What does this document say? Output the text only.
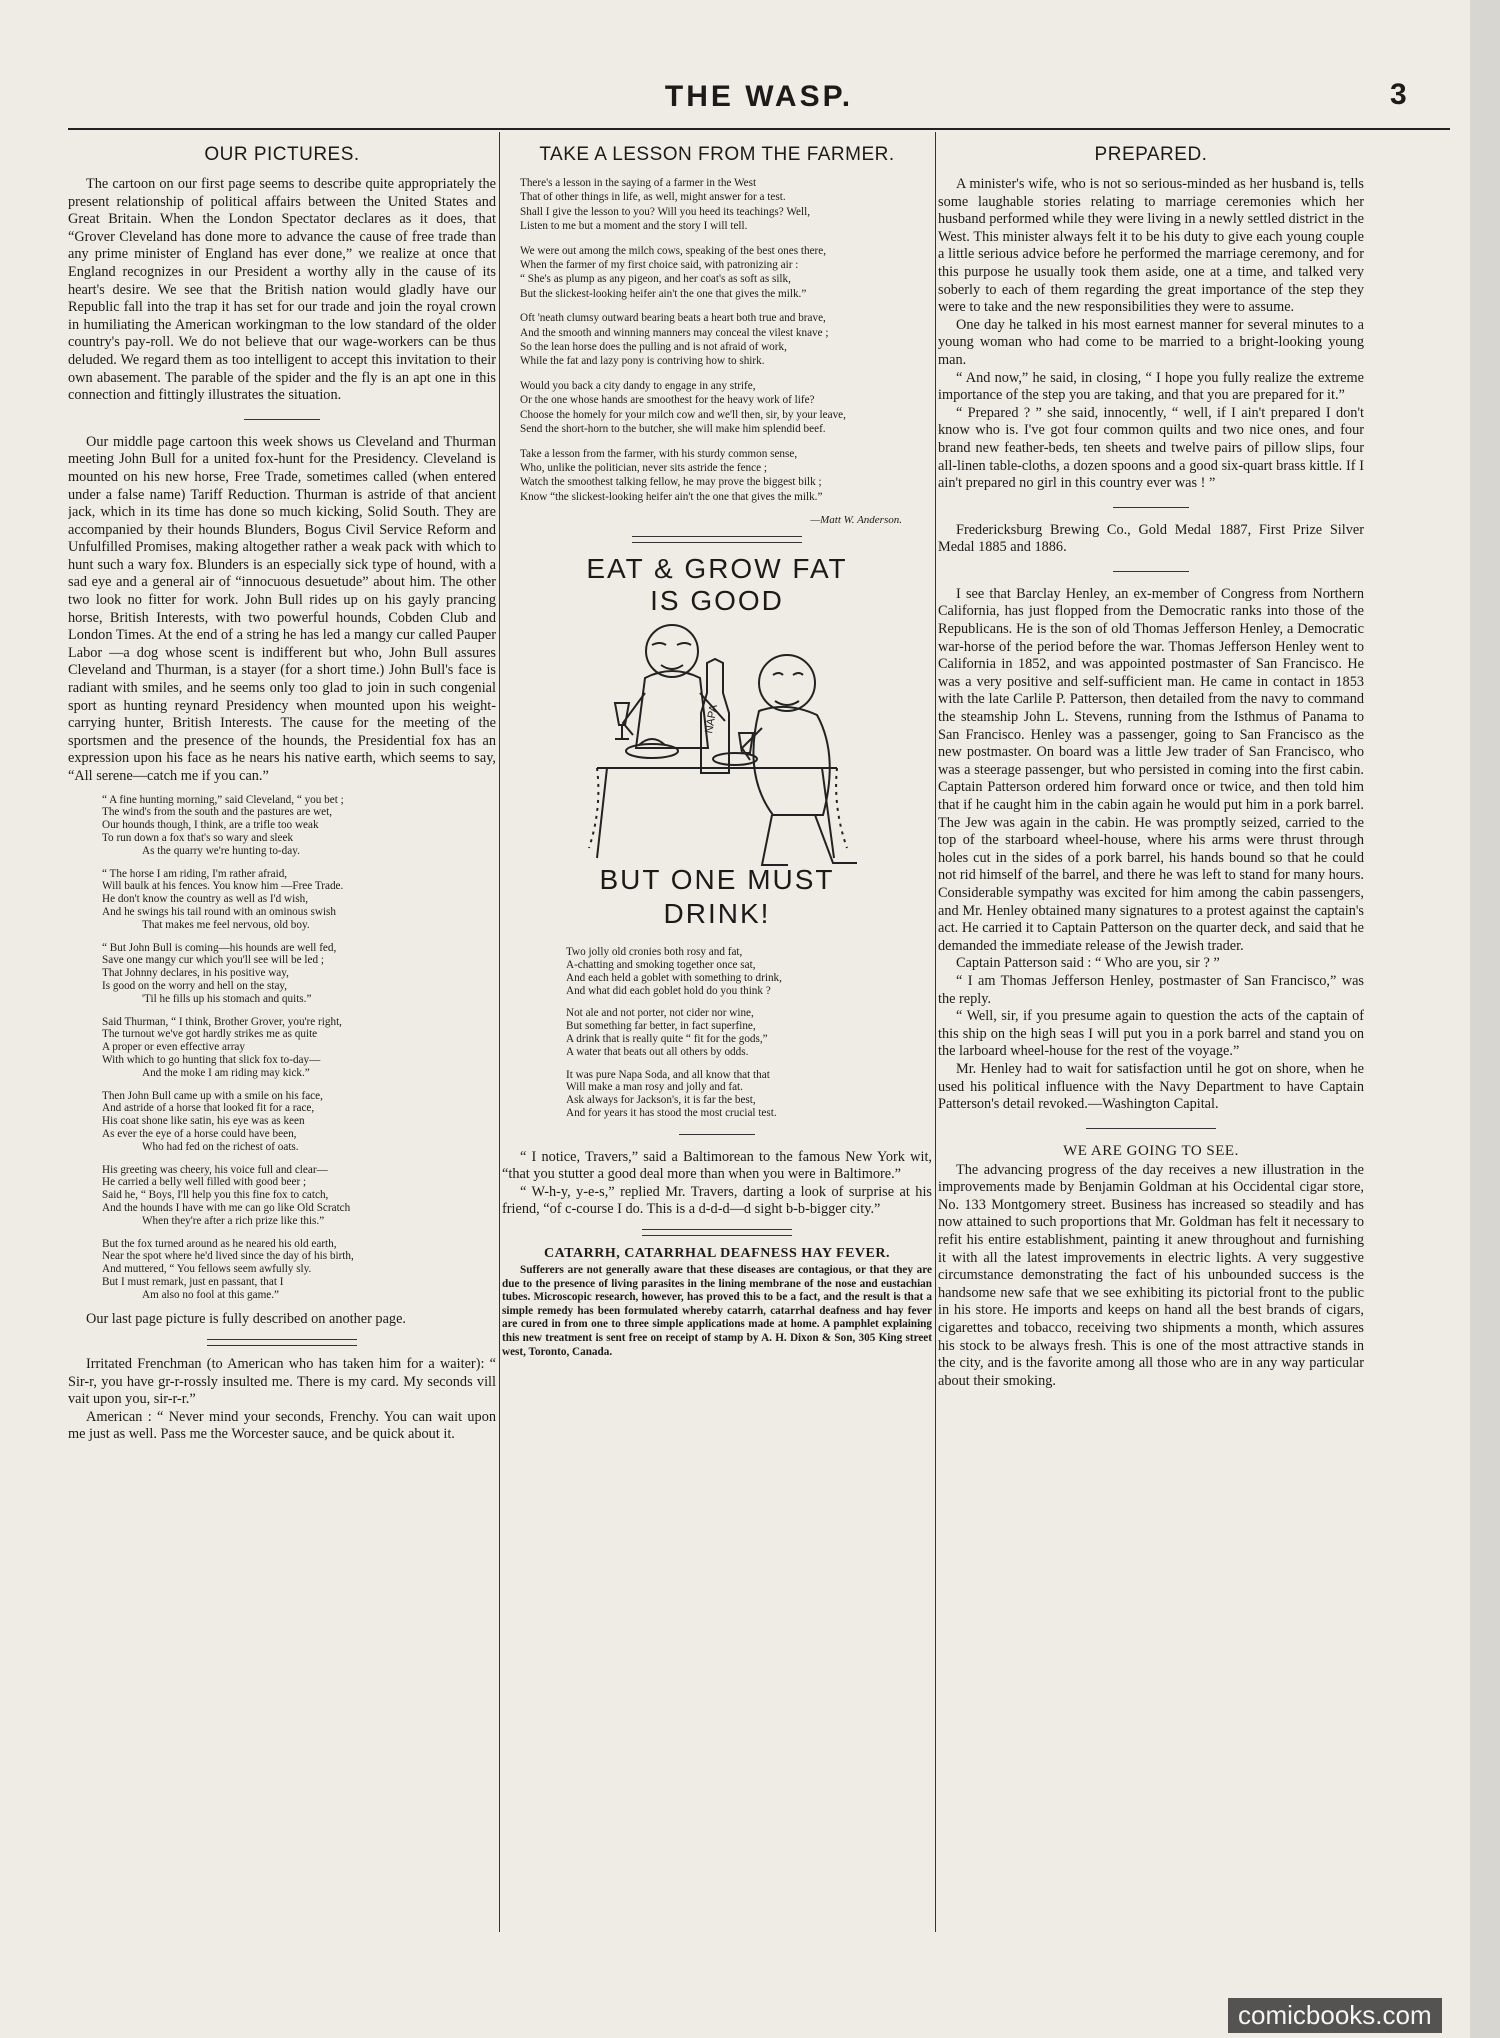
THE WASP.	3
OUR PICTURES.

The cartoon on our first page seems to describe quite appropriately the present relationship of political affairs between the United States and Great Britain. When the London Spectator declares as it does, that “Grover Cleveland has done more to advance the cause of free trade than any prime minister of England has ever done,” we realize at once that England recognizes in our President a worthy ally in the cause of its heart's desire. We see that the British nation would gladly have our Republic fall into the trap it has set for our trade and join the royal crown in humiliating the American workingman to the low standard of the older country's pay-roll. We do not believe that our wage-workers can be thus deluded. We regard them as too intelligent to accept this invitation to their own abasement. The parable of the spider and the fly is an apt one in this connection and fittingly illustrates the situation.

Our middle page cartoon this week shows us Cleveland and Thurman meeting John Bull for a united fox-hunt for the Presidency. Cleveland is mounted on his new horse, Free Trade, sometimes called (when entered under a false name) Tariff Reduction. Thurman is astride of that ancient jack, which in its time has done so much kicking, Solid South. They are accompanied by their hounds Blunders, Bogus Civil Service Reform and Unfulfilled Promises, making altogether rather a weak pack with which to hunt such a wary fox. Blunders is an especially sick type of hound, with a sad eye and a general air of “innocuous desuetude” about him. The other two look no fitter for work. John Bull rides up on his gayly prancing horse, British Interests, with two powerful hounds, Cobden Club and London Times. At the end of a string he has led a mangy cur called Pauper Labor —a dog whose scent is indifferent but who, John Bull assures Cleveland and Thurman, is a stayer (for a short time.) John Bull's face is radiant with smiles, and he seems only too glad to join in such congenial sport as hunting reynard Presidency when mounted upon his weight-carrying hunter, British Interests. The cause for the meeting of the sportsmen and the presence of the hounds, the Presidential fox has an expression upon his face as he nears his native earth, which seems to say, “All serene—catch me if you can.”

“ A fine hunting morning,” said Cleveland, “ you bet ;
The wind's from the south and the pastures are wet,
Our hounds though, I think, are a trifle too weak
To run down a fox that's so wary and sleek
As the quarry we're hunting to-day.
“ The horse I am riding, I'm rather afraid,
Will baulk at his fences. You know him —Free Trade.
He don't know the country as well as I'd wish,
And he swings his tail round with an ominous swish
That makes me feel nervous, old boy.
“ But John Bull is coming—his hounds are well fed,
Save one mangy cur which you'll see will be led ;
That Johnny declares, in his positive way,
Is good on the worry and hell on the stay,
'Til he fills up his stomach and quits.”
Said Thurman, “ I think, Brother Grover, you're right,
The turnout we've got hardly strikes me as quite
A proper or even effective array
With which to go hunting that slick fox to-day—
And the moke I am riding may kick.”
Then John Bull came up with a smile on his face,
And astride of a horse that looked fit for a race,
His coat shone like satin, his eye was as keen
As ever the eye of a horse could have been,
Who had fed on the richest of oats.
His greeting was cheery, his voice full and clear—
He carried a belly well filled with good beer ;
Said he, “ Boys, I'll help you this fine fox to catch,
And the hounds I have with me can go like Old Scratch
When they're after a rich prize like this.”
But the fox turned around as he neared his old earth,
Near the spot where he'd lived since the day of his birth,
And muttered, “ You fellows seem awfully sly.
But I must remark, just en passant, that I
Am also no fool at this game.”

Our last page picture is fully described on another page.

Irritated Frenchman (to American who has taken him for a waiter): “ Sir-r, you have gr-r-rossly insulted me. There is my card. My seconds vill vait upon you, sir-r-r.”

American : “ Never mind your seconds, Frenchy. You can wait upon me just as well. Pass me the Worcester sauce, and be quick about it.

TAKE A LESSON FROM THE FARMER.
There's a lesson in the saying of a farmer in the West
That of other things in life, as well, might answer for a test.
Shall I give the lesson to you? Will you heed its teachings? Well,
Listen to me but a moment and the story I will tell.
We were out among the milch cows, speaking of the best ones there,
When the farmer of my first choice said, with patronizing air :
“ She's as plump as any pigeon, and her coat's as soft as silk,
But the slickest-looking heifer ain't the one that gives the milk.”
Oft 'neath clumsy outward bearing beats a heart both true and brave,
And the smooth and winning manners may conceal the vilest knave ;
So the lean horse does the pulling and is not afraid of work,
While the fat and lazy pony is contriving how to shirk.
Would you back a city dandy to engage in any strife,
Or the one whose hands are smoothest for the heavy work of life?
Choose the homely for your milch cow and we'll then, sir, by your leave,
Send the short-horn to the butcher, she will make him splendid beef.
Take a lesson from the farmer, with his sturdy common sense,
Who, unlike the politician, never sits astride the fence ;
Watch the smoothest talking fellow, he may prove the biggest bilk ;
Know “the slickest-looking heifer ain't the one that gives the milk.”
—Matt W. Anderson.
NAPA
EAT & GROW FAT IS GOOD
BUT ONE MUST DRINK!
Two jolly old cronies both rosy and fat,
A-chatting and smoking together once sat,
And each held a goblet with something to drink,
And what did each goblet hold do you think ?
Not ale and not porter, not cider nor wine,
But something far better, in fact superfine,
A drink that is really quite “ fit for the gods,”
A water that beats out all others by odds.
It was pure Napa Soda, and all know that that
Will make a man rosy and jolly and fat.
Ask always for Jackson's, it is far the best,
And for years it has stood the most crucial test.

“ I notice, Travers,” said a Baltimorean to the famous New York wit, “that you stutter a good deal more than when you were in Baltimore.”

“ W-h-y, y-e-s,” replied Mr. Travers, darting a look of surprise at his friend, “of c-course I do. This is a d-d-d—d sight b-b-bigger city.”

CATARRH, CATARRHAL DEAFNESS HAY FEVER.

Sufferers are not generally aware that these diseases are contagious, or that they are due to the presence of living parasites in the lining membrane of the nose and eustachian tubes. Microscopic research, however, has proved this to be a fact, and the result is that a simple remedy has been formulated whereby catarrh, catarrhal deafness and hay fever are cured in from one to three simple applications made at home. A pamphlet explaining this new treatment is sent free on receipt of stamp by A. H. Dixon & Son, 305 King street west, Toronto, Canada.

PREPARED.

A minister's wife, who is not so serious-minded as her husband is, tells some laughable stories relating to marriage ceremonies which her husband performed while they were living in a newly settled district in the West. This minister always felt it to be his duty to give each young couple a little serious advice before he performed the marriage ceremony, and for this purpose he usually took them aside, one at a time, and talked very soberly to each of them regarding the great importance of the step they were to take and the new responsibilities they were to assume.

One day he talked in his most earnest manner for several minutes to a young woman who had come to be married to a bright-looking young man.

“ And now,” he said, in closing, “ I hope you fully realize the extreme importance of the step you are taking, and that you are prepared for it.”

“ Prepared ? ” she said, innocently, “ well, if I ain't prepared I don't know who is. I've got four common quilts and two nice ones, and four brand new feather-beds, ten sheets and twelve pairs of pillow slips, four all-linen table-cloths, a dozen spoons and a good six-quart brass kittle. If I ain't prepared no girl in this country ever was ! ”

Fredericksburg Brewing Co., Gold Medal 1887, First Prize Silver Medal 1885 and 1886.

I see that Barclay Henley, an ex-member of Congress from Northern California, has just flopped from the Democratic ranks into those of the Republicans. He is the son of old Thomas Jefferson Henley, a Democratic war-horse of the period before the war. Thomas Jefferson Henley went to California in 1852, and was appointed postmaster of San Francisco. He was a very positive and self-sufficient man. He came in contact in 1853 with the late Carlile P. Patterson, then detailed from the navy to command the steamship John L. Stevens, running from the Isthmus of Panama to San Francisco. Henley was a passenger, going to San Francisco as the new postmaster. On board was a little Jew trader of San Francisco, who was a steerage passenger, but who persisted in coming into the first cabin. Captain Patterson ordered him forward once or twice, and then told him that if he caught him in the cabin again he would put him in a pork barrel. The Jew was again in the cabin. He was promptly seized, carried to the top of the starboard wheel-house, where his arms were thrust through holes cut in the sides of a pork barrel, his hands bound so that he could not rid himself of the barrel, and there he was left to stand for many hours. Considerable sympathy was excited for him among the cabin passengers, and Mr. Henley obtained many signatures to a protest against the captain's act. He carried it to Captain Patterson on the quarter deck, and said that he demanded the immediate release of the Jewish trader.

Captain Patterson said : “ Who are you, sir ? ”

“ I am Thomas Jefferson Henley, postmaster of San Francisco,” was the reply.

“ Well, sir, if you presume again to question the acts of the captain of this ship on the high seas I will put you in a pork barrel and stand you on the larboard wheel-house for the rest of the voyage.”

Mr. Henley had to wait for satisfaction until he got on shore, when he used his political influence with the Navy Department to have Captain Patterson's detail revoked.—Washington Capital.

WE ARE GOING TO SEE.

The advancing progress of the day receives a new illustration in the improvements made by Benjamin Goldman at his Occidental cigar store, No. 133 Montgomery street. Business has increased so steadily and has now attained to such proportions that Mr. Goldman has felt it necessary to refit his entire establishment, painting it anew throughout and furnishing it with all the latest improvements in electric lights. A very suggestive circumstance demonstrating the fact of his unbounded success is the handsome new safe that we see exhibiting its pictorial front to the public in his store. He imports and keeps on hand all the best brands of cigars, cigarettes and tobacco, receiving two shipments a month, which assures his stock to be always fresh. This is one of the most attractive stands in the city, and is the favorite among all those who are in any way particular about their smoking.

comicbooks.com
